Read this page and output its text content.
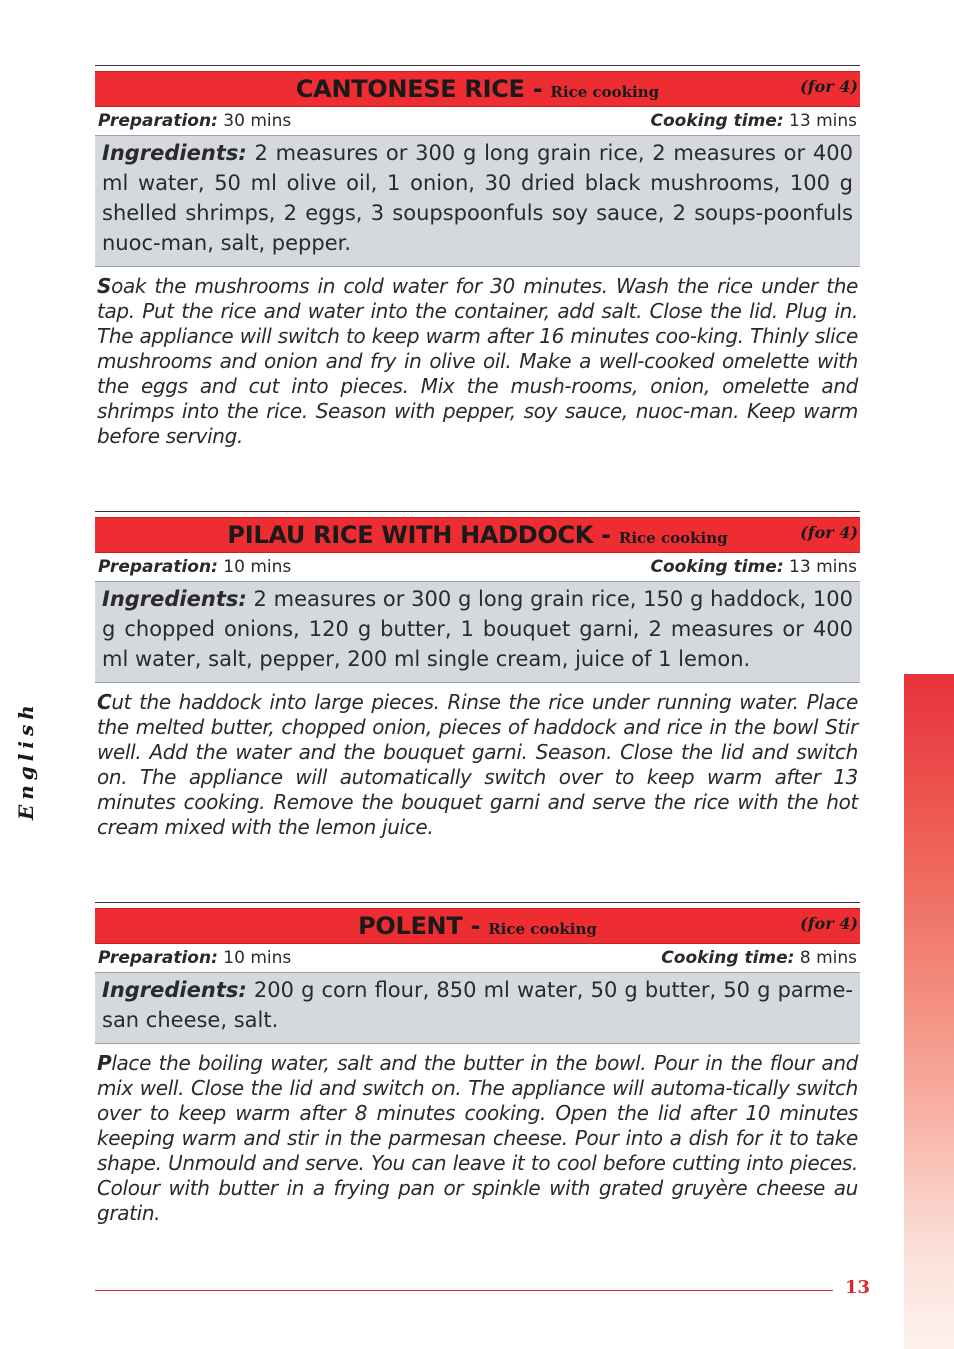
CANTONESE RICE - Rice cooking	(for 4)
Preparation: 30 mins	Cooking time: 13 mins
Ingredients: 2 measures or 300 g long grain rice, 2 measures or 400 ml water, 50 ml olive oil, 1 onion, 30 dried black mushrooms, 100 g shelled shrimps, 2 eggs, 3 soupspoonfuls soy sauce, 2 soups-poonfuls nuoc-man, salt, pepper.
Soak the mushrooms in cold water for 30 minutes. Wash the rice under the tap. Put the rice and water into the container, add salt. Close the lid. Plug in. The appliance will switch to keep warm after 16 minutes coo-king. Thinly slice mushrooms and onion and fry in olive oil. Make a well-cooked omelette with the eggs and cut into pieces. Mix the mush-rooms, onion, omelette and shrimps into the rice. Season with pepper, soy sauce, nuoc-man. Keep warm before serving.
PILAU RICE WITH HADDOCK - Rice cooking	(for 4)
Preparation: 10 mins	Cooking time: 13 mins
Ingredients: 2 measures or 300 g long grain rice, 150 g haddock, 100 g chopped onions, 120 g butter, 1 bouquet garni, 2 measures or 400 ml water, salt, pepper, 200 ml single cream, juice of 1 lemon.
Cut the haddock into large pieces. Rinse the rice under running water. Place the melted butter, chopped onion, pieces of haddock and rice in the bowl Stir well. Add the water and the bouquet garni. Season. Close the lid and switch on. The appliance will automatically switch over to keep warm after 13 minutes cooking. Remove the bouquet garni and serve the rice with the hot cream mixed with the lemon juice.
POLENT - Rice cooking	(for 4)
Preparation: 10 mins	Cooking time: 8 mins
Ingredients: 200 g corn flour, 850 ml water, 50 g butter, 50 g parme-san cheese, salt.
Place the boiling water, salt and the butter in the bowl. Pour in the flour and mix well. Close the lid and switch on. The appliance will automa-tically switch over to keep warm after 8 minutes cooking. Open the lid after 10 minutes keeping warm and stir in the parmesan cheese. Pour into a dish for it to take shape. Unmould and serve. You can leave it to cool before cutting into pieces. Colour with butter in a frying pan or spinkle with grated gruyère cheese au gratin.
English
13
